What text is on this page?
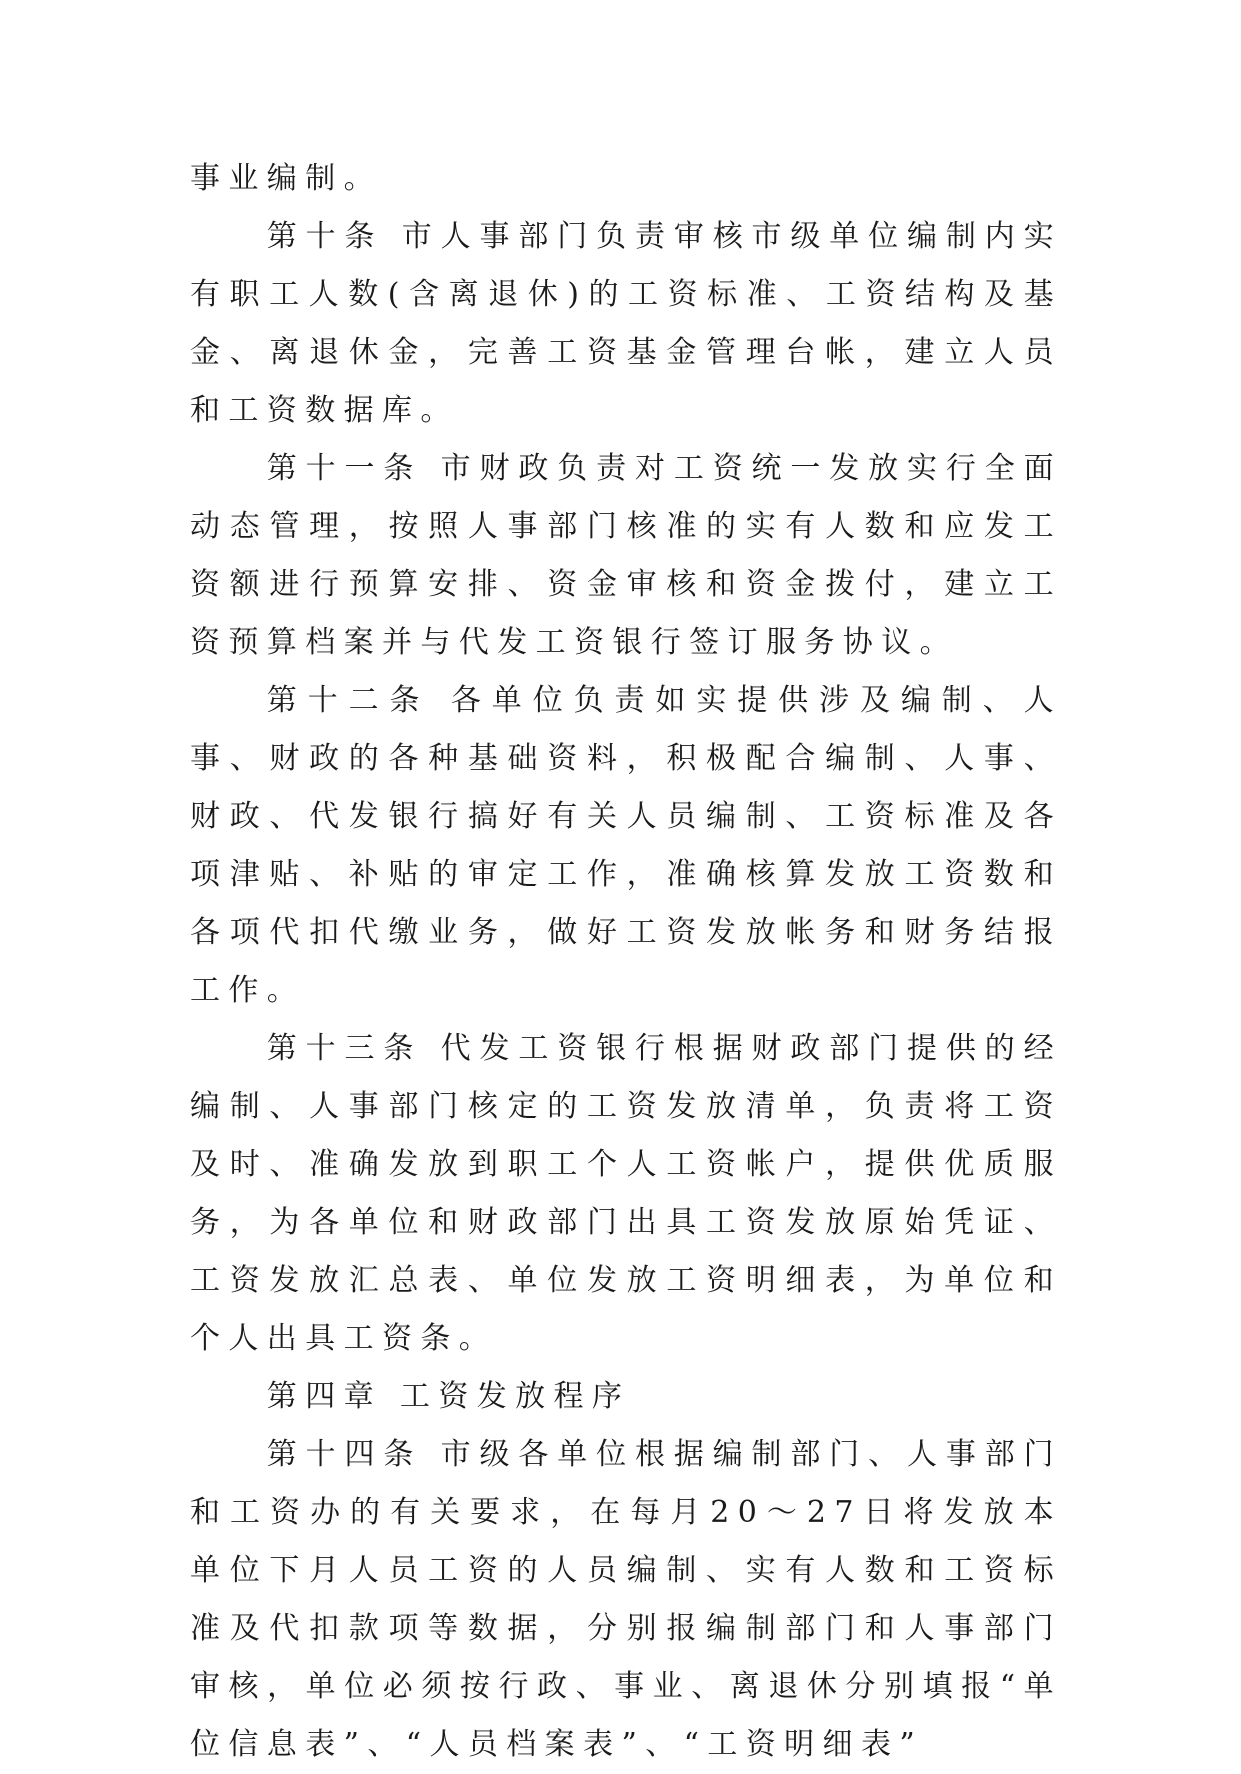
事业编制。

第十条 市人事部门负责审核市级单位编制内实有职工人数(含离退休)的工资标准、工资结构及基金、离退休金，完善工资基金管理台帐，建立人员和工资数据库。

第十一条 市财政负责对工资统一发放实行全面动态管理，按照人事部门核准的实有人数和应发工资额进行预算安排、资金审核和资金拨付，建立工资预算档案并与代发工资银行签订服务协议。

第十二条 各单位负责如实提供涉及编制、人事、财政的各种基础资料，积极配合编制、人事、财政、代发银行搞好有关人员编制、工资标准及各项津贴、补贴的审定工作，准确核算发放工资数和各项代扣代缴业务，做好工资发放帐务和财务结报工作。

第十三条 代发工资银行根据财政部门提供的经编制、人事部门核定的工资发放清单，负责将工资及时、准确发放到职工个人工资帐户，提供优质服务，为各单位和财政部门出具工资发放原始凭证、工资发放汇总表、单位发放工资明细表，为单位和个人出具工资条。

第四章 工资发放程序

第十四条 市级各单位根据编制部门、人事部门和工资办的有关要求，在每月20～27日将发放本单位下月人员工资的人员编制、实有人数和工资标准及代扣款项等数据，分别报编制部门和人事部门审核，单位必须按行政、事业、离退休分别填报“单位信息表”、“人员档案表”、“工资明细表”
